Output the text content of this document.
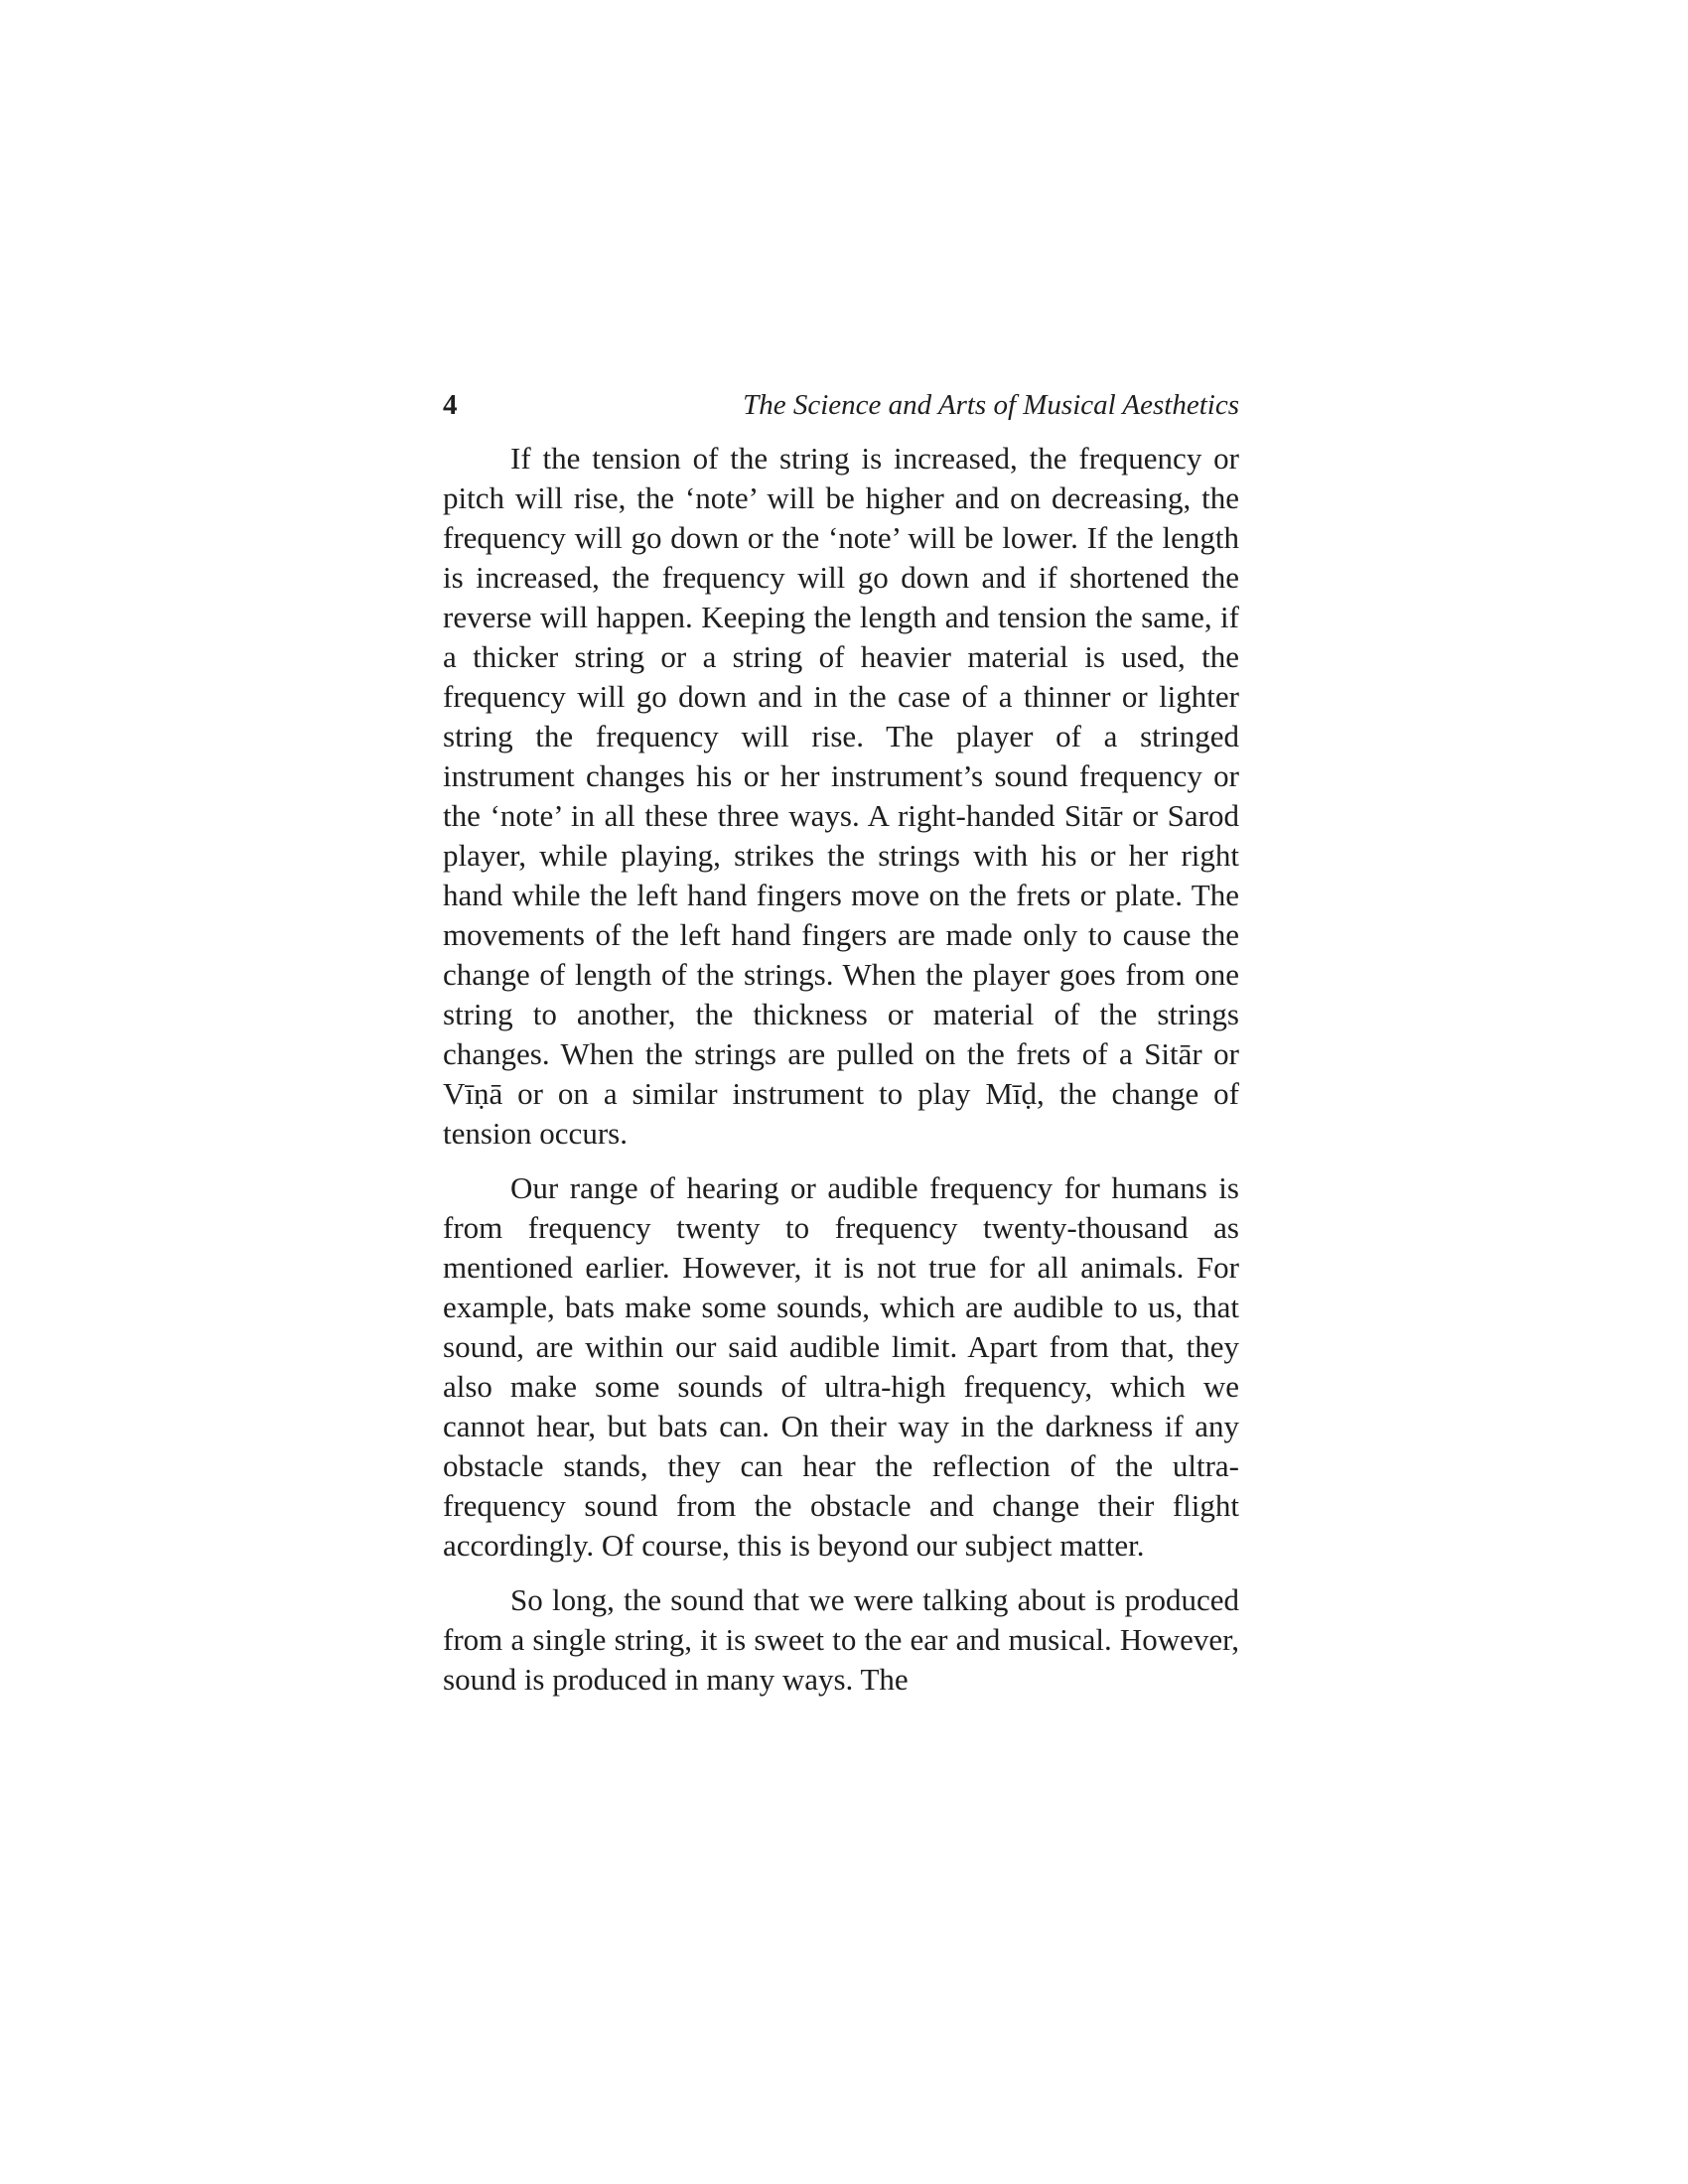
4	The Science and Arts of Musical Aesthetics

If the tension of the string is increased, the frequency or pitch will rise, the ‘note’ will be higher and on decreasing, the frequency will go down or the ‘note’ will be lower. If the length is increased, the frequency will go down and if shortened the reverse will happen. Keeping the length and tension the same, if a thicker string or a string of heavier material is used, the frequency will go down and in the case of a thinner or lighter string the frequency will rise. The player of a stringed instrument changes his or her instrument’s sound frequency or the ‘note’ in all these three ways. A right-handed Sitār or Sarod player, while playing, strikes the strings with his or her right hand while the left hand fingers move on the frets or plate. The movements of the left hand fingers are made only to cause the change of length of the strings. When the player goes from one string to another, the thickness or material of the strings changes. When the strings are pulled on the frets of a Sitār or Vīṇā or on a similar instrument to play Mīḍ, the change of tension occurs.

Our range of hearing or audible frequency for humans is from frequency twenty to frequency twenty-thousand as mentioned earlier. However, it is not true for all animals. For example, bats make some sounds, which are audible to us, that sound, are within our said audible limit. Apart from that, they also make some sounds of ultra-high frequency, which we cannot hear, but bats can. On their way in the darkness if any obstacle stands, they can hear the reflection of the ultra-frequency sound from the obstacle and change their flight accordingly. Of course, this is beyond our subject matter.

So long, the sound that we were talking about is produced from a single string, it is sweet to the ear and musical. However, sound is produced in many ways. The
